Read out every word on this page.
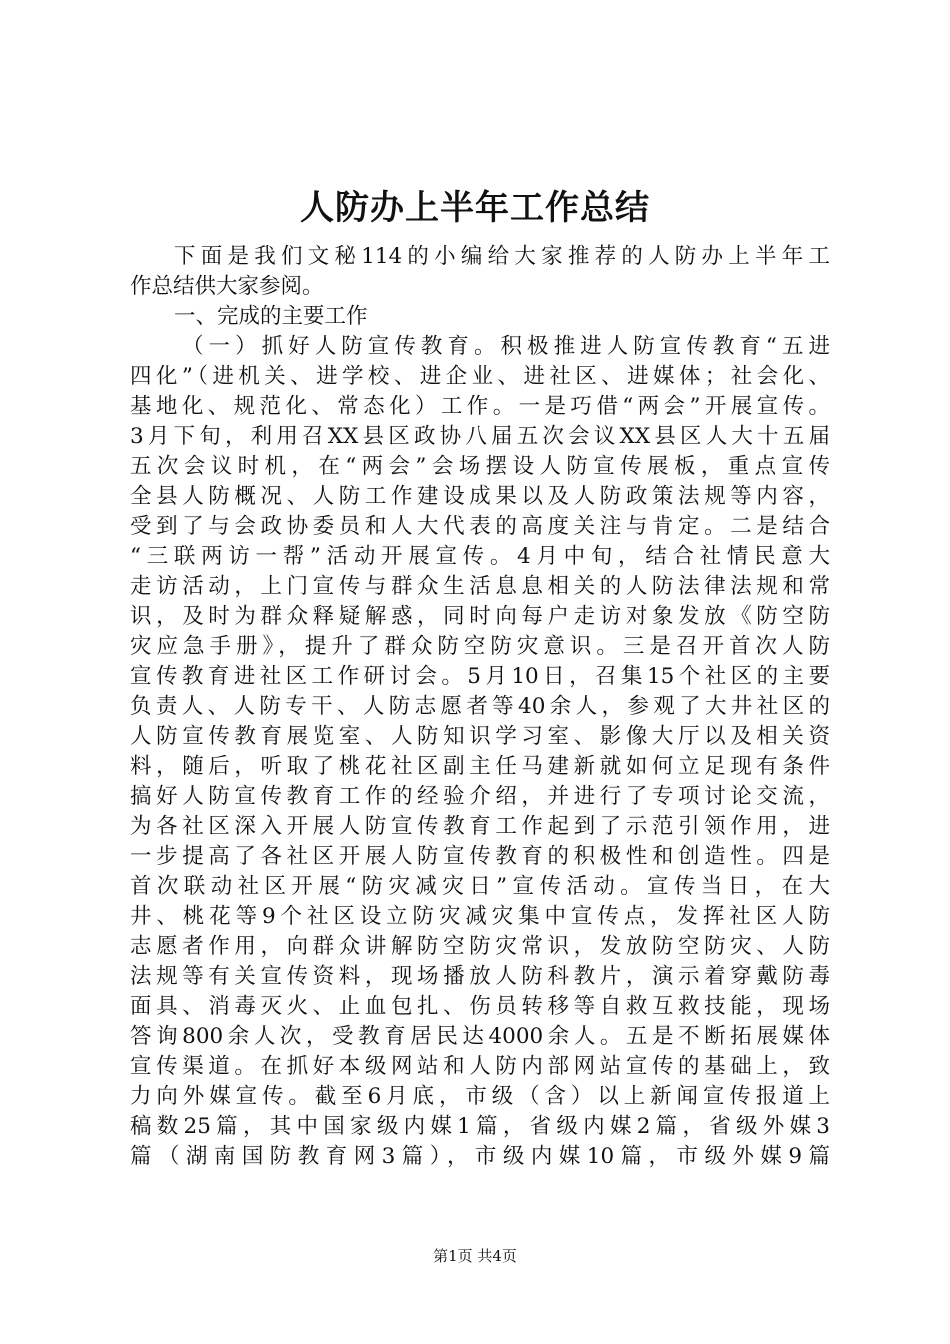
人防办上半年工作总结
下面是我们文秘114的小编给大家推荐的人防办上半年工
作总结供大家参阅。
一、完成的主要工作
（一）抓好人防宣传教育。积极推进人防宣传教育“五进
四化”（进机关、进学校、进企业、进社区、进媒体；社会化、
基地化、规范化、常态化）工作。一是巧借“两会”开展宣传。
3月下旬，利用召XX县区政协八届五次会议XX县区人大十五届
五次会议时机，在“两会”会场摆设人防宣传展板，重点宣传
全县人防概况、人防工作建设成果以及人防政策法规等内容，
受到了与会政协委员和人大代表的高度关注与肯定。二是结合
“三联两访一帮”活动开展宣传。4月中旬，结合社情民意大
走访活动，上门宣传与群众生活息息相关的人防法律法规和常
识，及时为群众释疑解惑，同时向每户走访对象发放《防空防
灾应急手册》，提升了群众防空防灾意识。三是召开首次人防
宣传教育进社区工作研讨会。5月10日，召集15个社区的主要
负责人、人防专干、人防志愿者等40余人，参观了大井社区的
人防宣传教育展览室、人防知识学习室、影像大厅以及相关资
料，随后，听取了桃花社区副主任马建新就如何立足现有条件
搞好人防宣传教育工作的经验介绍，并进行了专项讨论交流，
为各社区深入开展人防宣传教育工作起到了示范引领作用，进
一步提高了各社区开展人防宣传教育的积极性和创造性。四是
首次联动社区开展“防灾减灾日”宣传活动。宣传当日，在大
井、桃花等9个社区设立防灾减灾集中宣传点，发挥社区人防
志愿者作用，向群众讲解防空防灾常识，发放防空防灾、人防
法规等有关宣传资料，现场播放人防科教片，演示着穿戴防毒
面具、消毒灭火、止血包扎、伤员转移等自救互救技能，现场
答询800余人次，受教育居民达4000余人。五是不断拓展媒体
宣传渠道。在抓好本级网站和人防内部网站宣传的基础上，致
力向外媒宣传。截至6月底，市级（含）以上新闻宣传报道上
稿数25篇，其中国家级内媒1篇，省级内媒2篇，省级外媒3
篇（湖南国防教育网3篇），市级内媒10篇，市级外媒9篇
第1页 共4页
